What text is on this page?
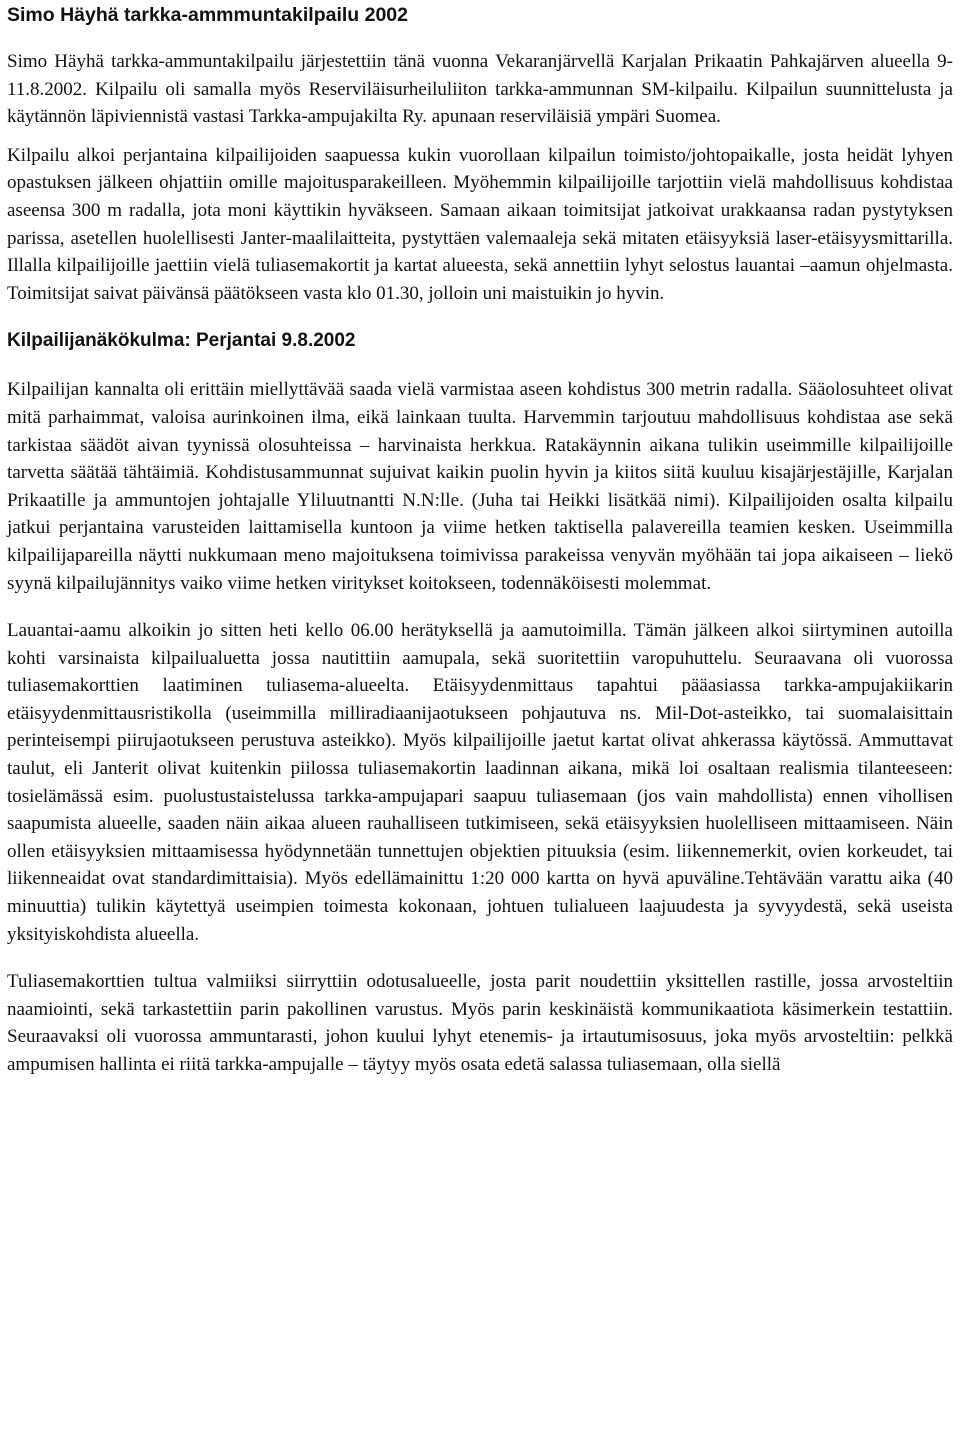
Simo Häyhä tarkka-ammmuntakilpailu 2002

Simo Häyhä tarkka-ammuntakilpailu järjestettiin tänä vuonna Vekaranjärvellä Karjalan Prikaatin Pahkajärven alueella 9-11.8.2002. Kilpailu oli samalla myös Reserviläisurheiluliiton tarkka-ammunnan SM-kilpailu. Kilpailun suunnittelusta ja käytännön läpiviennistä vastasi Tarkka-ampujakilta Ry. apunaan reserviläisiä ympäri Suomea.

Kilpailu alkoi perjantaina kilpailijoiden saapuessa kukin vuorollaan kilpailun toimisto/johtopaikalle, josta heidät lyhyen opastuksen jälkeen ohjattiin omille majoitusparakeilleen. Myöhemmin kilpailijoille tarjottiin vielä mahdollisuus kohdistaa aseensa 300 m radalla, jota moni käyttikin hyväkseen. Samaan aikaan toimitsijat jatkoivat urakkaansa radan pystytyksen parissa, asetellen huolellisesti Janter-maalilaitteita, pystyttäen valemaaleja sekä mitaten etäisyyksiä laser-etäisyysmittarilla. Illalla kilpailijoille jaettiin vielä tuliasemakortit ja kartat alueesta, sekä annettiin lyhyt selostus lauantai –aamun ohjelmasta. Toimitsijat saivat päivänsä päätökseen vasta klo 01.30, jolloin uni maistuikin jo hyvin.

Kilpailijanäkökulma: Perjantai 9.8.2002

Kilpailijan kannalta oli erittäin miellyttävää saada vielä varmistaa aseen kohdistus 300 metrin radalla. Sääolosuhteet olivat mitä parhaimmat, valoisa aurinkoinen ilma, eikä lainkaan tuulta. Harvemmin tarjoutuu mahdollisuus kohdistaa ase sekä tarkistaa säädöt aivan tyynissä olosuhteissa – harvinaista herkkua. Ratakäynnin aikana tulikin useimmille kilpailijoille tarvetta säätää tähtäimiä. Kohdistusammunnat sujuivat kaikin puolin hyvin ja kiitos siitä kuuluu kisajärjestäjille, Karjalan Prikaatille ja ammuntojen johtajalle Yliluutnantti N.N:lle. (Juha tai Heikki lisätkää nimi). Kilpailijoiden osalta kilpailu jatkui perjantaina varusteiden laittamisella kuntoon ja viime hetken taktisella palavereilla teamien kesken. Useimmilla kilpailijapareilla näytti nukkumaan meno majoituksena toimivissa parakeissa venyvän myöhään tai jopa aikaiseen – liekö syynä kilpailujännitys vaiko viime hetken viritykset koitokseen, todennäköisesti molemmat.

Lauantai-aamu alkoikin jo sitten heti kello 06.00 herätyksellä ja aamutoimilla. Tämän jälkeen alkoi siirtyminen autoilla kohti varsinaista kilpailualuetta jossa nautittiin aamupala, sekä suoritettiin varopuhuttelu. Seuraavana oli vuorossa tuliasemakorttien laatiminen tuliasema-alueelta. Etäisyydenmittaus tapahtui pääasiassa tarkka-ampujakiikarin etäisyydenmittausristikolla (useimmilla milliradiaanijaotukseen pohjautuva ns. Mil-Dot-asteikko, tai suomalaisittain perinteisempi piirujaotukseen perustuva asteikko). Myös kilpailijoille jaetut kartat olivat ahkerassa käytössä. Ammuttavat taulut, eli Janterit olivat kuitenkin piilossa tuliasemakortin laadinnan aikana, mikä loi osaltaan realismia tilanteeseen: tosielämässä esim. puolustustaistelussa tarkka-ampujapari saapuu tuliasemaan (jos vain mahdollista) ennen vihollisen saapumista alueelle, saaden näin aikaa alueen rauhalliseen tutkimiseen, sekä etäisyyksien huolelliseen mittaamiseen. Näin ollen etäisyyksien mittaamisessa hyödynnetään tunnettujen objektien pituuksia (esim. liikennemerkit, ovien korkeudet, tai liikenneaidat ovat standardimittaisia). Myös edellämainittu 1:20 000 kartta on hyvä apuväline.Tehtävään varattu aika (40 minuuttia) tulikin käytettyä useimpien toimesta kokonaan, johtuen tulialueen laajuudesta ja syvyydestä, sekä useista yksityiskohdista alueella.

Tuliasemakorttien tultua valmiiksi siirryttiin odotusalueelle, josta parit noudettiin yksittellen rastille, jossa arvosteltiin naamiointi, sekä tarkastettiin parin pakollinen varustus. Myös parin keskinäistä kommunikaatiota käsimerkein testattiin. Seuraavaksi oli vuorossa ammuntarasti, johon kuului lyhyt etenemis- ja irtautumisosuus, joka myös arvosteltiin: pelkkä ampumisen hallinta ei riitä tarkka-ampujalle – täytyy myös osata edetä salassa tuliasemaan, olla siellä
